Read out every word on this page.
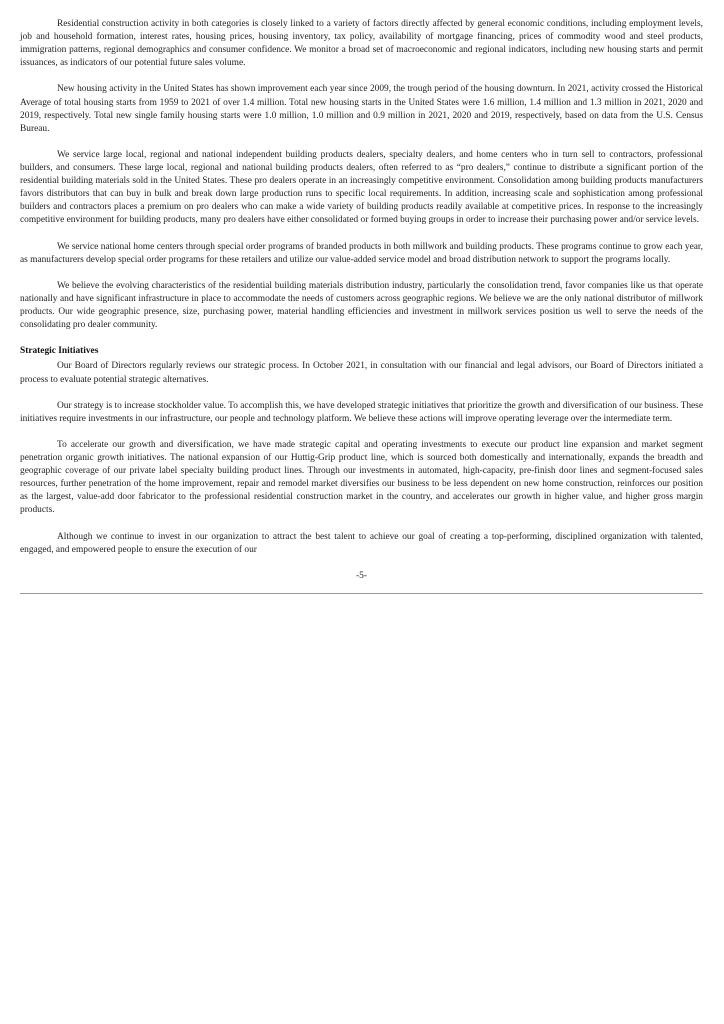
Residential construction activity in both categories is closely linked to a variety of factors directly affected by general economic conditions, including employment levels, job and household formation, interest rates, housing prices, housing inventory, tax policy, availability of mortgage financing, prices of commodity wood and steel products, immigration patterns, regional demographics and consumer confidence. We monitor a broad set of macroeconomic and regional indicators, including new housing starts and permit issuances, as indicators of our potential future sales volume.

New housing activity in the United States has shown improvement each year since 2009, the trough period of the housing downturn. In 2021, activity crossed the Historical Average of total housing starts from 1959 to 2021 of over 1.4 million. Total new housing starts in the United States were 1.6 million, 1.4 million and 1.3 million in 2021, 2020 and 2019, respectively. Total new single family housing starts were 1.0 million, 1.0 million and 0.9 million in 2021, 2020 and 2019, respectively, based on data from the U.S. Census Bureau.

We service large local, regional and national independent building products dealers, specialty dealers, and home centers who in turn sell to contractors, professional builders, and consumers. These large local, regional and national building products dealers, often referred to as “pro dealers,” continue to distribute a significant portion of the residential building materials sold in the United States. These pro dealers operate in an increasingly competitive environment. Consolidation among building products manufacturers favors distributors that can buy in bulk and break down large production runs to specific local requirements. In addition, increasing scale and sophistication among professional builders and contractors places a premium on pro dealers who can make a wide variety of building products readily available at competitive prices. In response to the increasingly competitive environment for building products, many pro dealers have either consolidated or formed buying groups in order to increase their purchasing power and/or service levels.

We service national home centers through special order programs of branded products in both millwork and building products. These programs continue to grow each year, as manufacturers develop special order programs for these retailers and utilize our value-added service model and broad distribution network to support the programs locally.

We believe the evolving characteristics of the residential building materials distribution industry, particularly the consolidation trend, favor companies like us that operate nationally and have significant infrastructure in place to accommodate the needs of customers across geographic regions. We believe we are the only national distributor of millwork products. Our wide geographic presence, size, purchasing power, material handling efficiencies and investment in millwork services position us well to serve the needs of the consolidating pro dealer community.

Strategic Initiatives

Our Board of Directors regularly reviews our strategic process. In October 2021, in consultation with our financial and legal advisors, our Board of Directors initiated a process to evaluate potential strategic alternatives.

Our strategy is to increase stockholder value. To accomplish this, we have developed strategic initiatives that prioritize the growth and diversification of our business. These initiatives require investments in our infrastructure, our people and technology platform. We believe these actions will improve operating leverage over the intermediate term.

To accelerate our growth and diversification, we have made strategic capital and operating investments to execute our product line expansion and market segment penetration organic growth initiatives. The national expansion of our Huttig-Grip product line, which is sourced both domestically and internationally, expands the breadth and geographic coverage of our private label specialty building product lines. Through our investments in automated, high-capacity, pre-finish door lines and segment-focused sales resources, further penetration of the home improvement, repair and remodel market diversifies our business to be less dependent on new home construction, reinforces our position as the largest, value-add door fabricator to the professional residential construction market in the country, and accelerates our growth in higher value, and higher gross margin products.

Although we continue to invest in our organization to attract the best talent to achieve our goal of creating a top-performing, disciplined organization with talented, engaged, and empowered people to ensure the execution of our

-5-
